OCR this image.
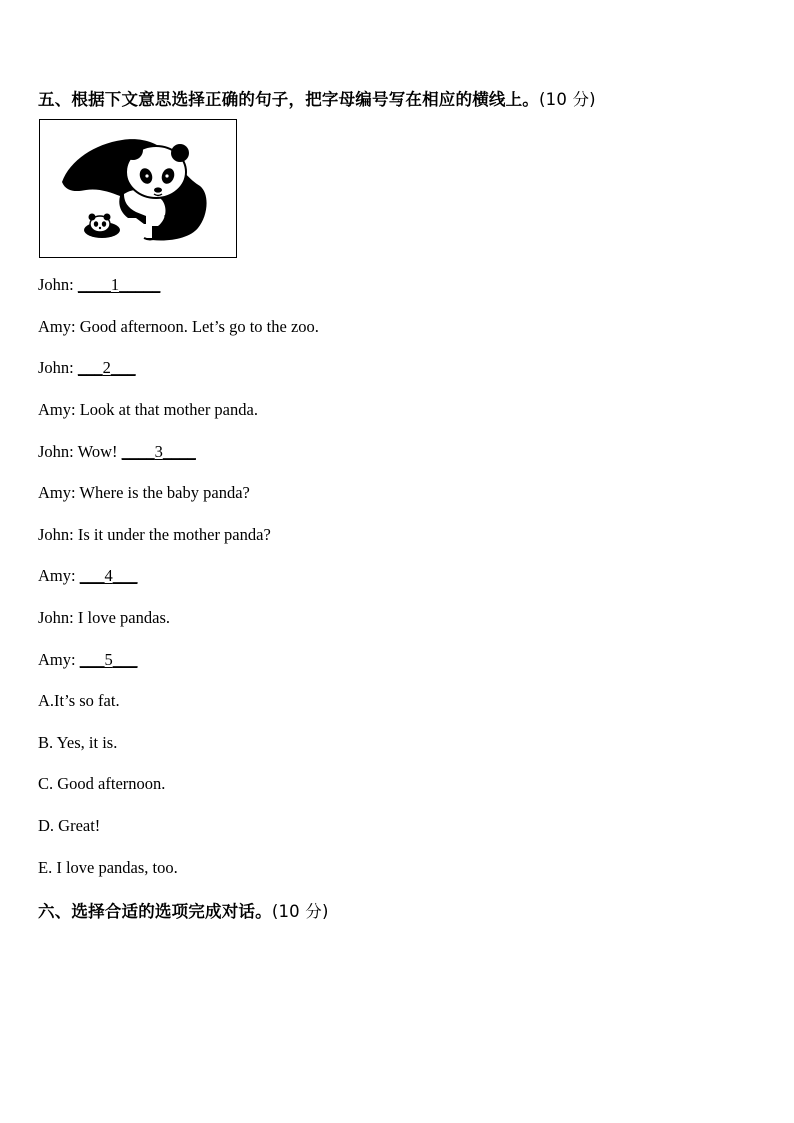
五、根据下文意思选择正确的句子，把字母编号写在相应的横线上。(10 分)
John: ____1_____
Amy: Good afternoon. Let’s go to the zoo.
John: ___2___
Amy: Look at that mother panda.
John: Wow! ____3____
Amy: Where is the baby panda?
John: Is it under the mother panda?
Amy: ___4___
John: I love pandas.
Amy: ___5___
A.It’s so fat.
B. Yes, it is.
C. Good afternoon.
D. Great!
E. I love pandas, too.
六、选择合适的选项完成对话。(10 分)
